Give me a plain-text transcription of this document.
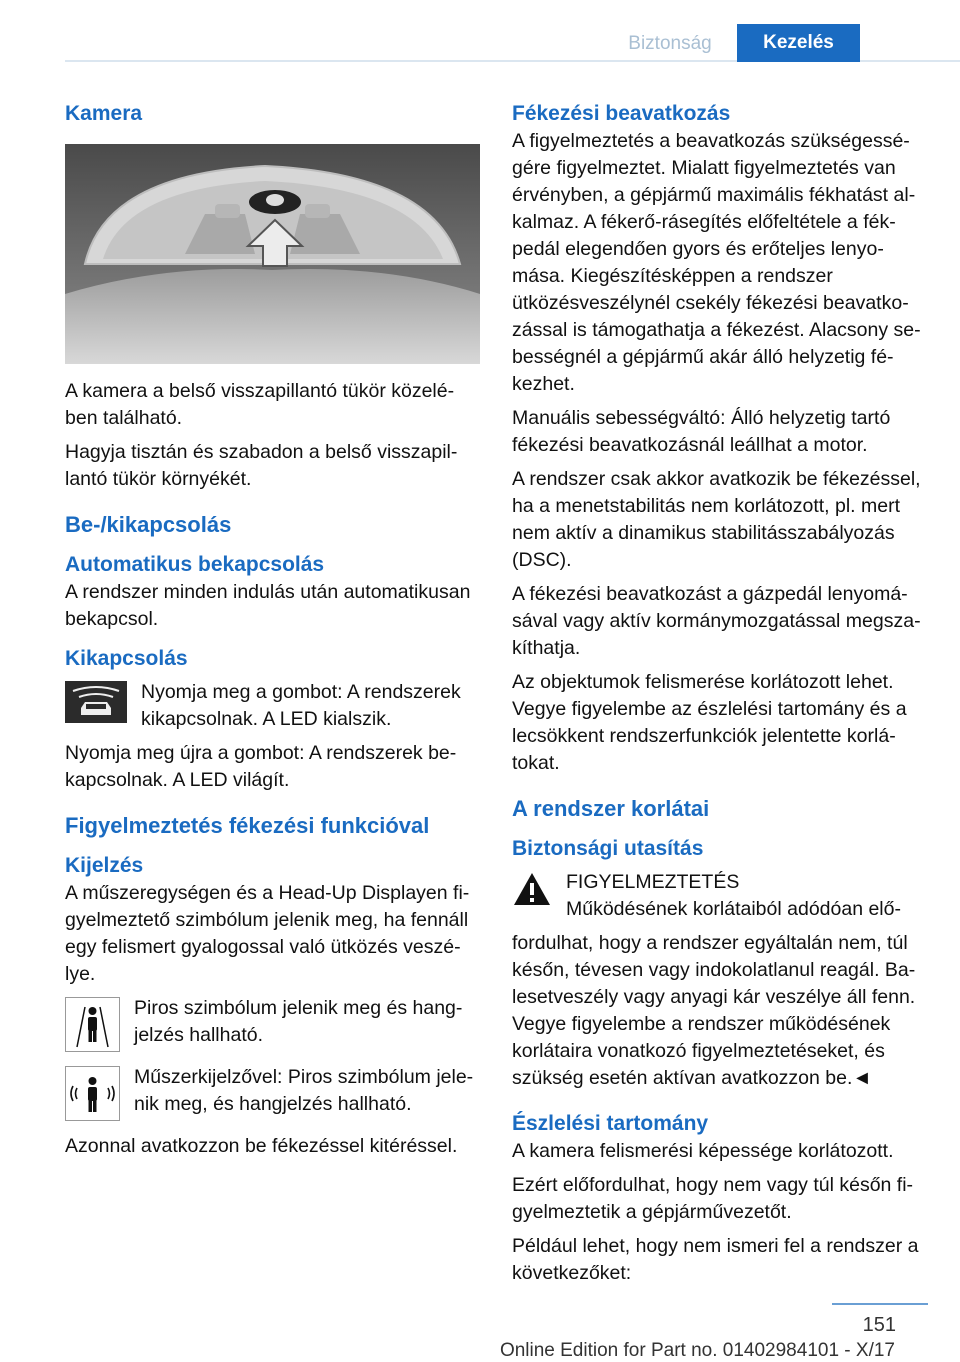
Biztonság	Kezelés
Kamera

A kamera a belső visszapillantó tükör közelé-ben található.

Hagyja tisztán és szabadon a belső visszapil-lantó tükör környékét.

Be-/kikapcsolás
Automatikus bekapcsolás

A rendszer minden indulás után automatikusan bekapcsol.

Kikapcsolás

Nyomja meg a gombot: A rendszerek kikapcsolnak. A LED kialszik.

Nyomja meg újra a gombot: A rendszerek be-kapcsolnak. A LED világít.

Figyelmeztetés fékezési funkcióval
Kijelzés

A műszeregységen és a Head-Up Displayen fi-gyelmeztető szimbólum jelenik meg, ha fennáll egy felismert gyalogossal való ütközés veszé-lye.

Piros szimbólum jelenik meg és hang-jelzés hallható.

Műszerkijelzővel: Piros szimbólum jele-nik meg, és hangjelzés hallható.

Azonnal avatkozzon be fékezéssel kitéréssel.

Fékezési beavatkozás

A figyelmeztetés a beavatkozás szükségessé-gére figyelmeztet. Mialatt figyelmeztetés van érvényben, a gépjármű maximális fékhatást al-kalmaz. A fékerő-rásegítés előfeltétele a fék-pedál elegendően gyors és erőteljes lenyo-mása. Kiegészítésképpen a rendszer ütközésveszélynél csekély fékezési beavatko-zással is támogathatja a fékezést. Alacsony se-bességnél a gépjármű akár álló helyzetig fé-kezhet.

Manuális sebességváltó: Álló helyzetig tartó fékezési beavatkozásnál leállhat a motor.

A rendszer csak akkor avatkozik be fékezéssel, ha a menetstabilitás nem korlátozott, pl. mert nem aktív a dinamikus stabilitásszabályozás (DSC).

A fékezési beavatkozást a gázpedál lenyomá-sával vagy aktív kormánymozgatással megsza-kíthatja.

Az objektumok felismerése korlátozott lehet. Vegye figyelembe az észlelési tartomány és a lecsökkent rendszerfunkciók jelentette korlá-tokat.

A rendszer korlátai
Biztonsági utasítás

FIGYELMEZTETÉS

Működésének korlátaiból adódóan elő-

fordulhat, hogy a rendszer egyáltalán nem, túl későn, tévesen vagy indokolatlanul reagál. Ba-lesetveszély vagy anyagi kár veszélye áll fenn. Vegye figyelembe a rendszer működésének korlátaira vonatkozó figyelmeztetéseket, és szükség esetén aktívan avatkozzon be.◄

Észlelési tartomány

A kamera felismerési képessége korlátozott.

Ezért előfordulhat, hogy nem vagy túl későn fi-gyelmeztetik a gépjárművezetőt.

Például lehet, hogy nem ismeri fel a rendszer a következőket:

151
Online Edition for Part no. 01402984101 - X/17
